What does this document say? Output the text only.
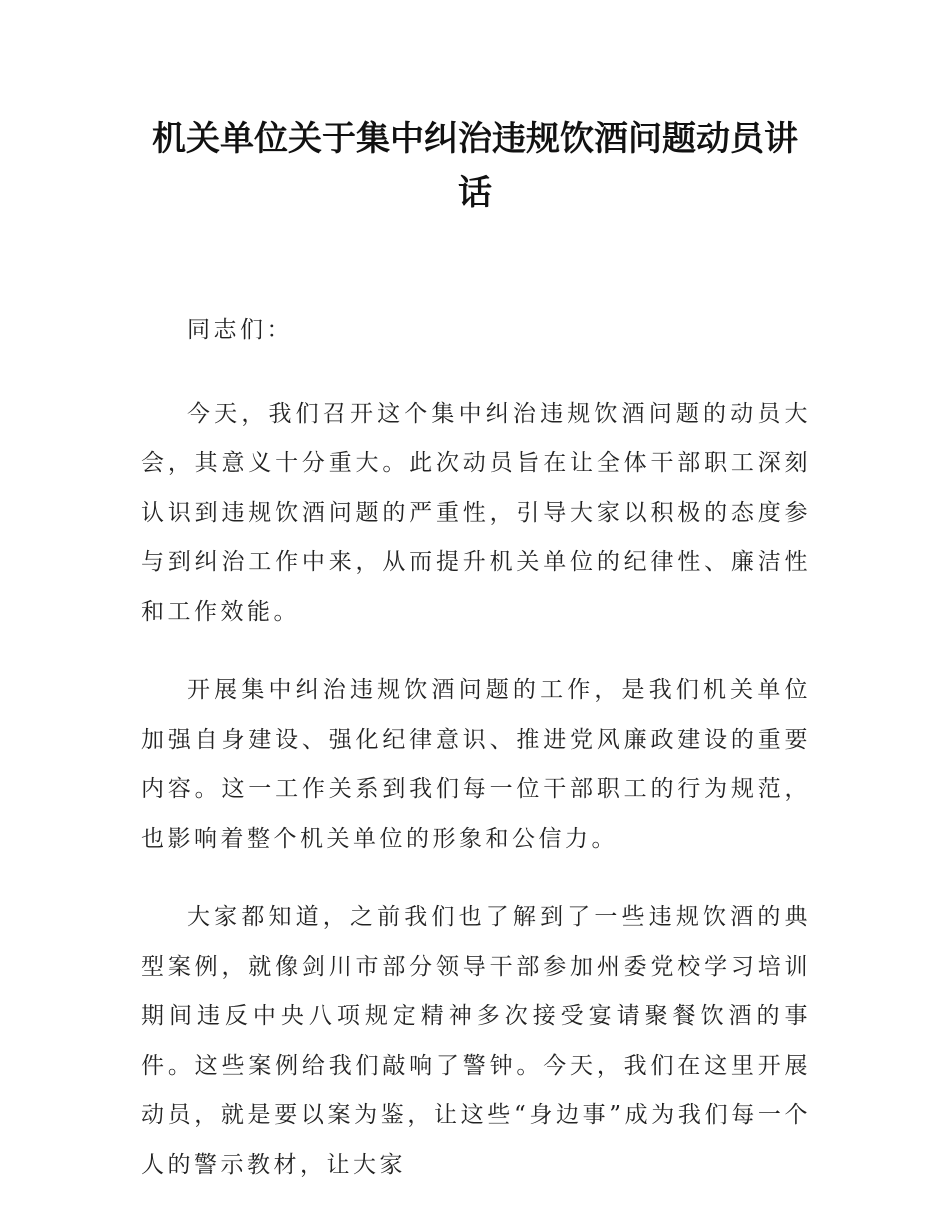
机关单位关于集中纠治违规饮酒问题动员讲话

同志们：

今天，我们召开这个集中纠治违规饮酒问题的动员大会，其意义十分重大。此次动员旨在让全体干部职工深刻认识到违规饮酒问题的严重性，引导大家以积极的态度参与到纠治工作中来，从而提升机关单位的纪律性、廉洁性和工作效能。

开展集中纠治违规饮酒问题的工作，是我们机关单位加强自身建设、强化纪律意识、推进党风廉政建设的重要内容。这一工作关系到我们每一位干部职工的行为规范，也影响着整个机关单位的形象和公信力。

大家都知道，之前我们也了解到了一些违规饮酒的典型案例，就像剑川市部分领导干部参加州委党校学习培训期间违反中央八项规定精神多次接受宴请聚餐饮酒的事件。这些案例给我们敲响了警钟。今天，我们在这里开展动员，就是要以案为鉴，让这些“身边事”成为我们每一个人的警示教材，让大家
